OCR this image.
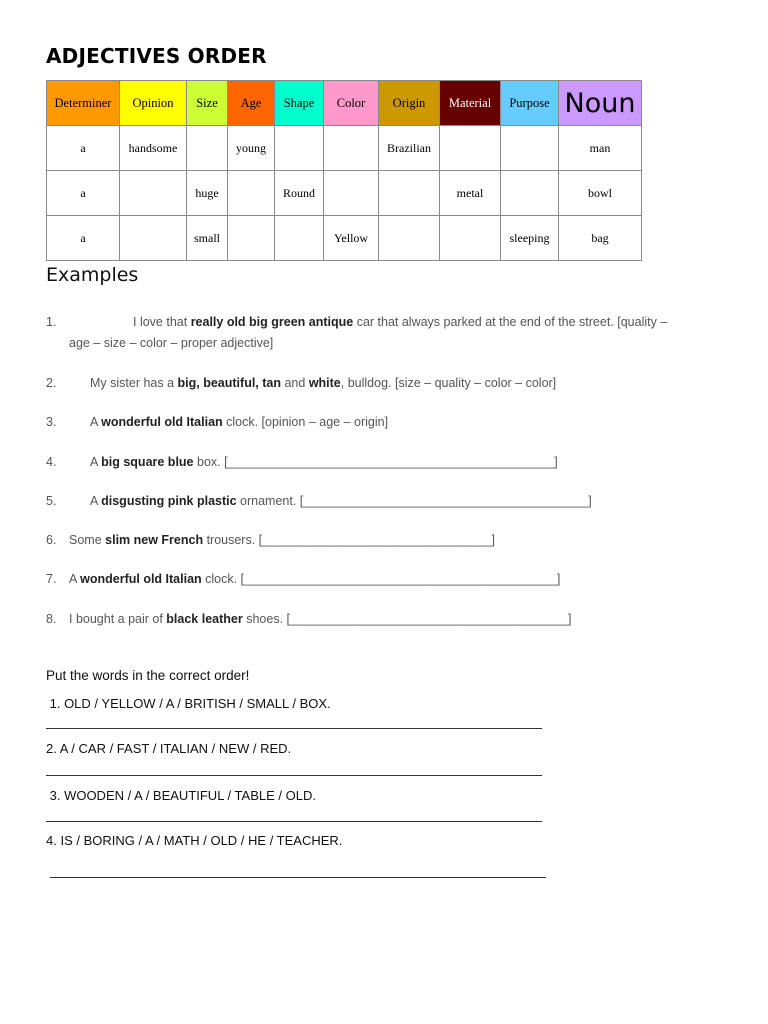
ADJECTIVES ORDER
Determiner	Opinion	Size	Age	Shape	Color	Origin	Material	Purpose	Noun
a	handsome		young			Brazilian			man
a		huge		Round			metal		bowl
a		small			Yellow			sleeping	bag
Examples
1.	I love that really old big green antique car that always parked at the end of the street. [quality –
age – size – color – proper adjective]
2.	My sister has a big, beautiful, tan and white, bulldog. [size – quality – color – color]
3.	A wonderful old Italian clock. [opinion – age – origin]
4.	A big square blue box. [_______________________________________________]
5.	A disgusting pink plastic ornament. [_________________________________________]
6. Some slim new French trousers. [_________________________________]
7. A wonderful old Italian clock. [_____________________________________________]
8. I bought a pair of black leather shoes. [________________________________________]
Put the words in the correct order!
1. OLD / YELLOW / A / BRITISH / SMALL / BOX.
2. A / CAR / FAST / ITALIAN / NEW / RED.
3. WOODEN / A / BEAUTIFUL / TABLE / OLD.
4. IS / BORING / A / MATH / OLD / HE / TEACHER.
